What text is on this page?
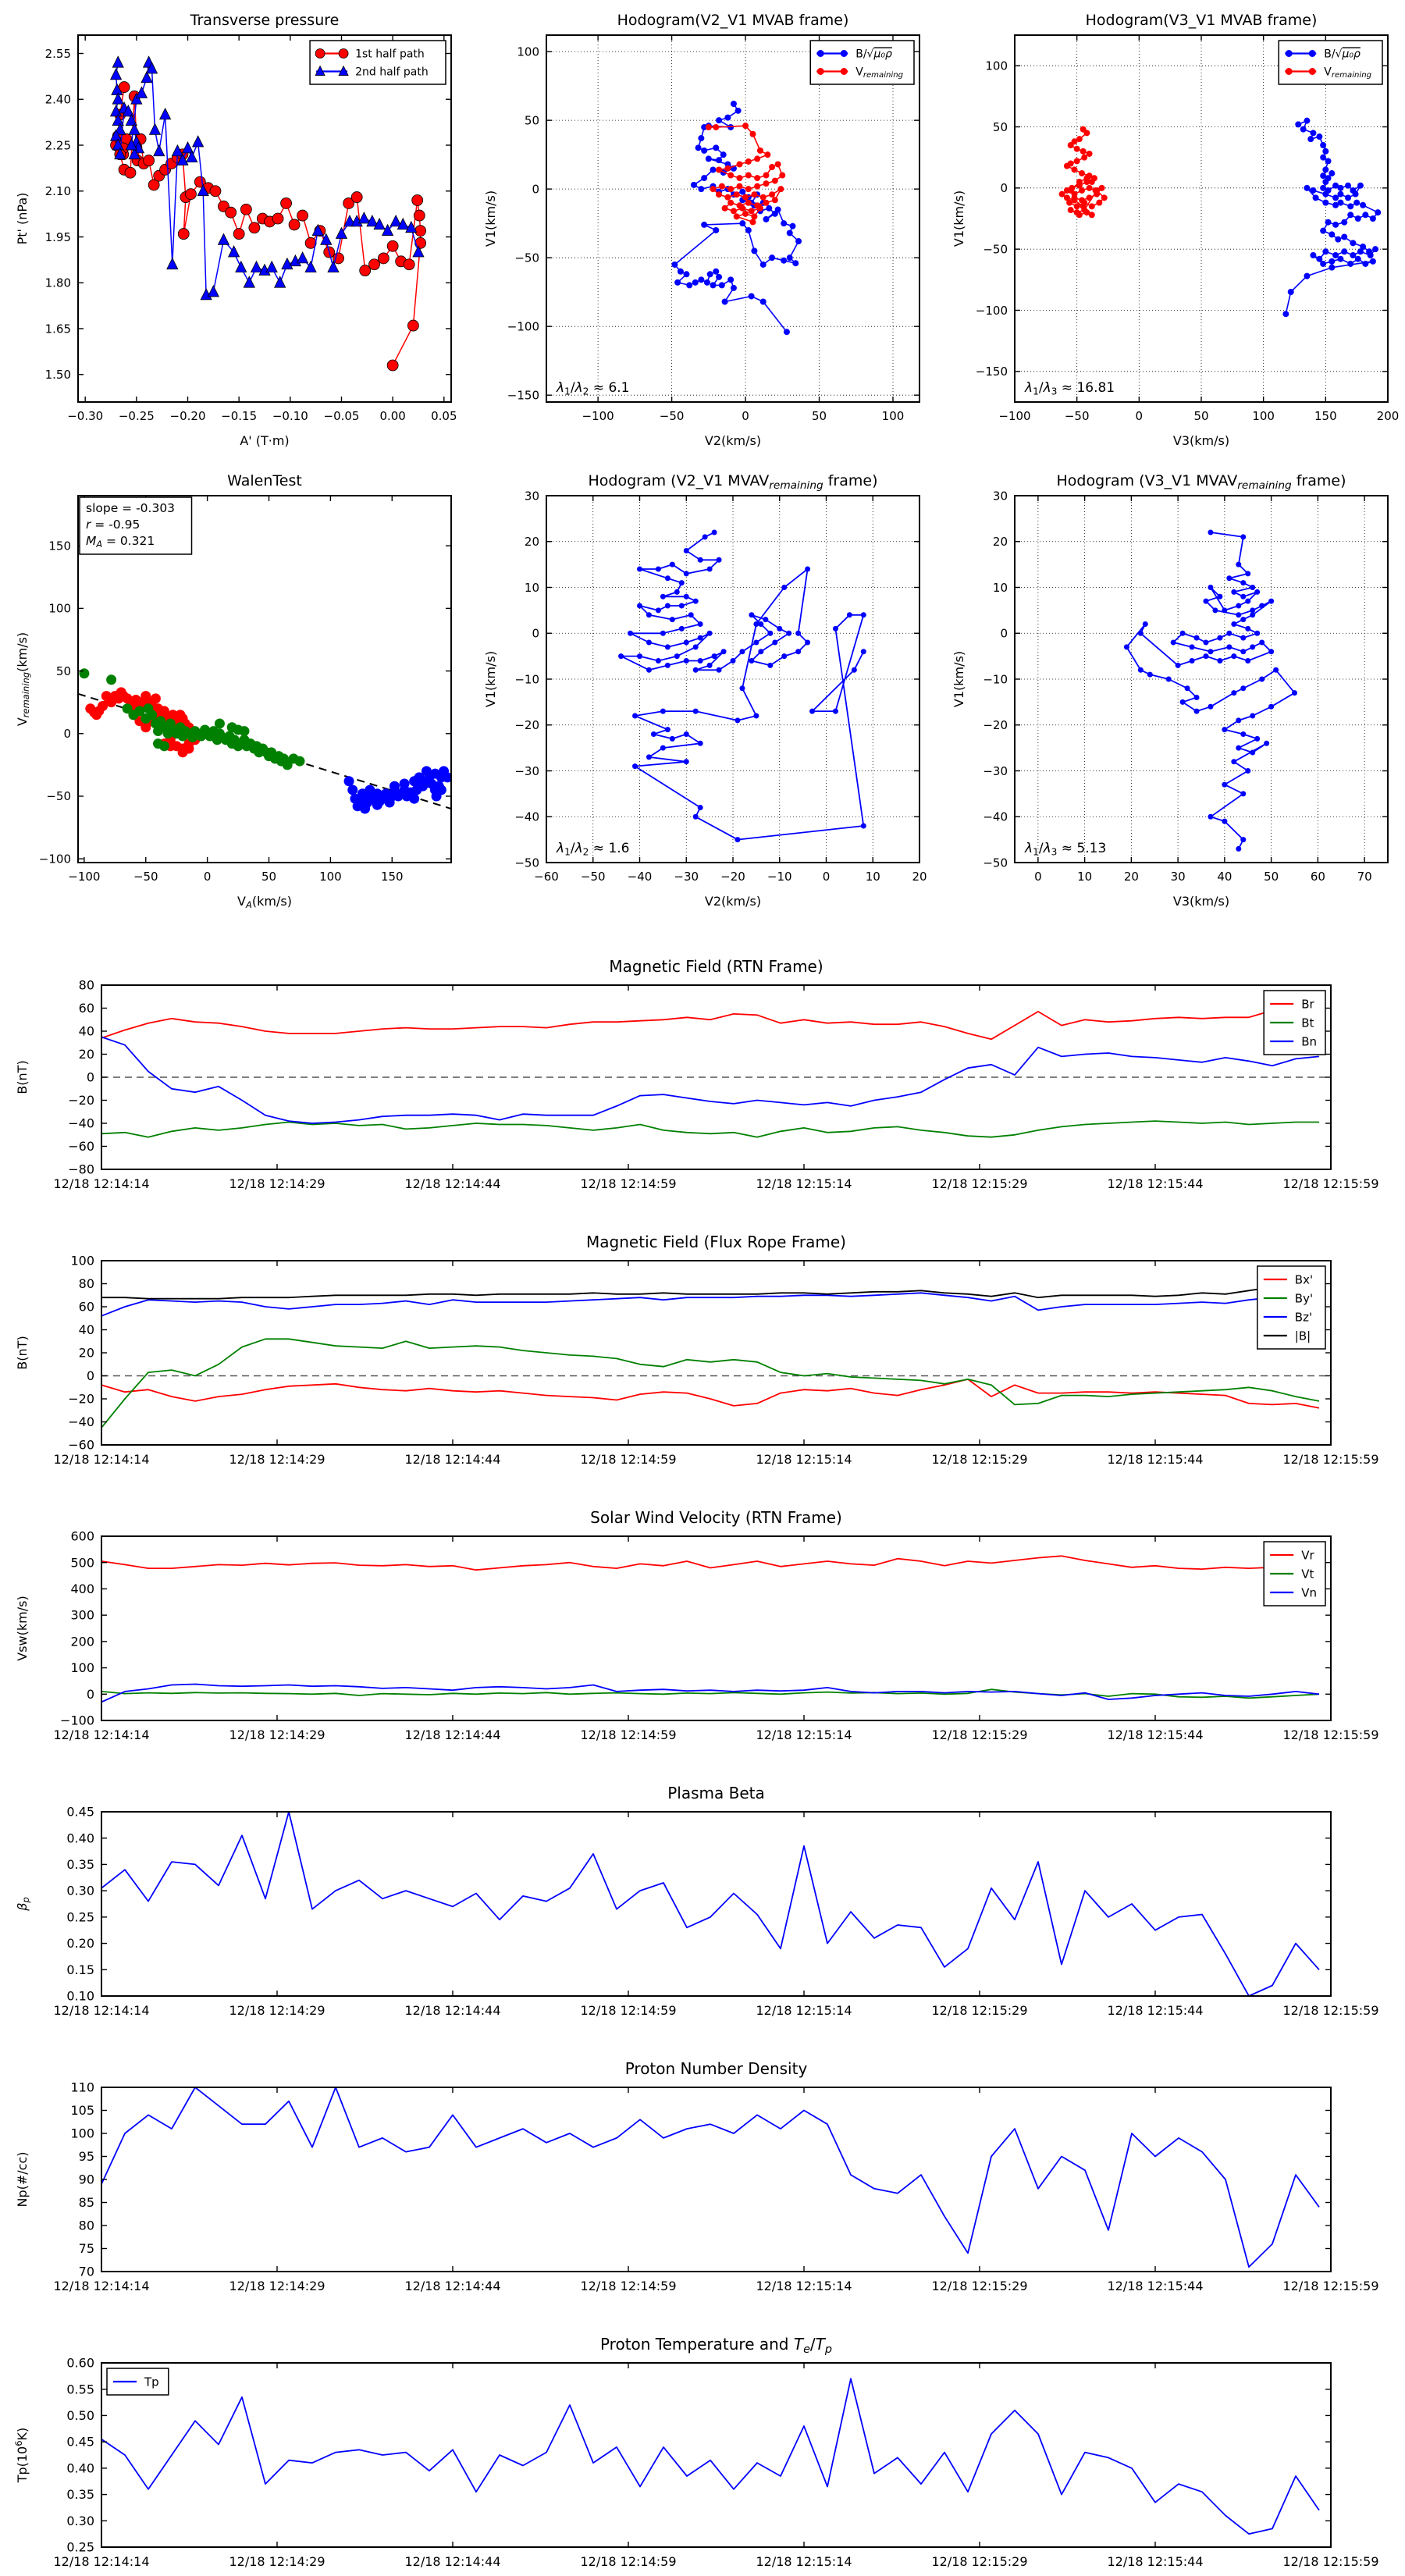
−0.30 −0.25 −0.20 −0.15 −0.10 −0.05 0.00 0.05
1.50
1.65
1.80
1.95
2.10
2.25
2.40
2.55
Transverse pressure
A' (T·m)
Pt' (nPa)
1st half path
2nd half path
−100	−50	0	50	100
−150
−100
−50
0
50
100
Hodogram(V2_V1 MVAB frame)
V2(km/s)
V1(km/s)
λ1/λ2 ≈ 6.1
B/√μ₀ρ
Vremaining
−100	−50	0	50	100	150	200
−150
−100
−50
0
50
100
Hodogram(V3_V1 MVAB frame)
V3(km/s)
V1(km/s)
λ1/λ3 ≈ 16.81
B/√μ₀ρ
Vremaining
−100	−50	0	50	100	150
−100
−50
0
50
100
150
WalenTest
$V_A(km/s)$
$V_{remaining}(km/s)$
slope = -0.303
r = -0.95
$M_A = 0.321$
−60 −50 −40 −30 −20 −10	0	10	20
−50
−40
−30
−20
−10
0
10
20
30
Hodogram (V2_V1 MVAVremaining frame)
V2(km/s)
V1(km/s)
λ1/λ2 ≈ 1.6
0	10	20	30	40	50	60	70
−50
−40
−30
−20
−10
0
10
20
30
Hodogram (V3_V1 MVAVremaining frame)
V3(km/s)
V1(km/s)
λ1/λ3 ≈ 5.13
12/18 12:14:14	12/18 12:14:29	12/18 12:14:44	12/18 12:14:59	12/18 12:15:14	12/18 12:15:29	12/18 12:15:44	12/18 12:15:59
−80
−60
−40
−20
0
20
40
60
80
Magnetic Field (RTN Frame)
B(nT)
Br
Bt
Bn
12/18 12:14:14	12/18 12:14:29	12/18 12:14:44	12/18 12:14:59	12/18 12:15:14	12/18 12:15:29	12/18 12:15:44	12/18 12:15:59
−60
−40
−20
0
20
40
60
80
100
Magnetic Field (Flux Rope Frame)
B(nT)
Bx'
By'
Bz'
|B|
12/18 12:14:14	12/18 12:14:29	12/18 12:14:44	12/18 12:14:59	12/18 12:15:14	12/18 12:15:29	12/18 12:15:44	12/18 12:15:59
−100
0
100
200
300
400
500
600
Solar Wind Velocity (RTN Frame)
Vsw(km/s)
Vr
Vt
Vn
12/18 12:14:14	12/18 12:14:29	12/18 12:14:44	12/18 12:14:59	12/18 12:15:14	12/18 12:15:29	12/18 12:15:44	12/18 12:15:59
0.10
0.15
0.20
0.25
0.30
0.35
0.40
0.45
Plasma Beta
$\beta_p$
12/18 12:14:14	12/18 12:14:29	12/18 12:14:44	12/18 12:14:59	12/18 12:15:14	12/18 12:15:29	12/18 12:15:44	12/18 12:15:59
70
75
80
85
90
95
100
105
110
Proton Number Density
Np(#/cc)
12/18 12:14:14	12/18 12:14:29	12/18 12:14:44	12/18 12:14:59	12/18 12:15:14	12/18 12:15:29	12/18 12:15:44	12/18 12:15:59
0.25
0.30
0.35
0.40
0.45
0.50
0.55
0.60
Proton Temperature and $T_e/T_p$
$Tp(10^6K)$
Tp
